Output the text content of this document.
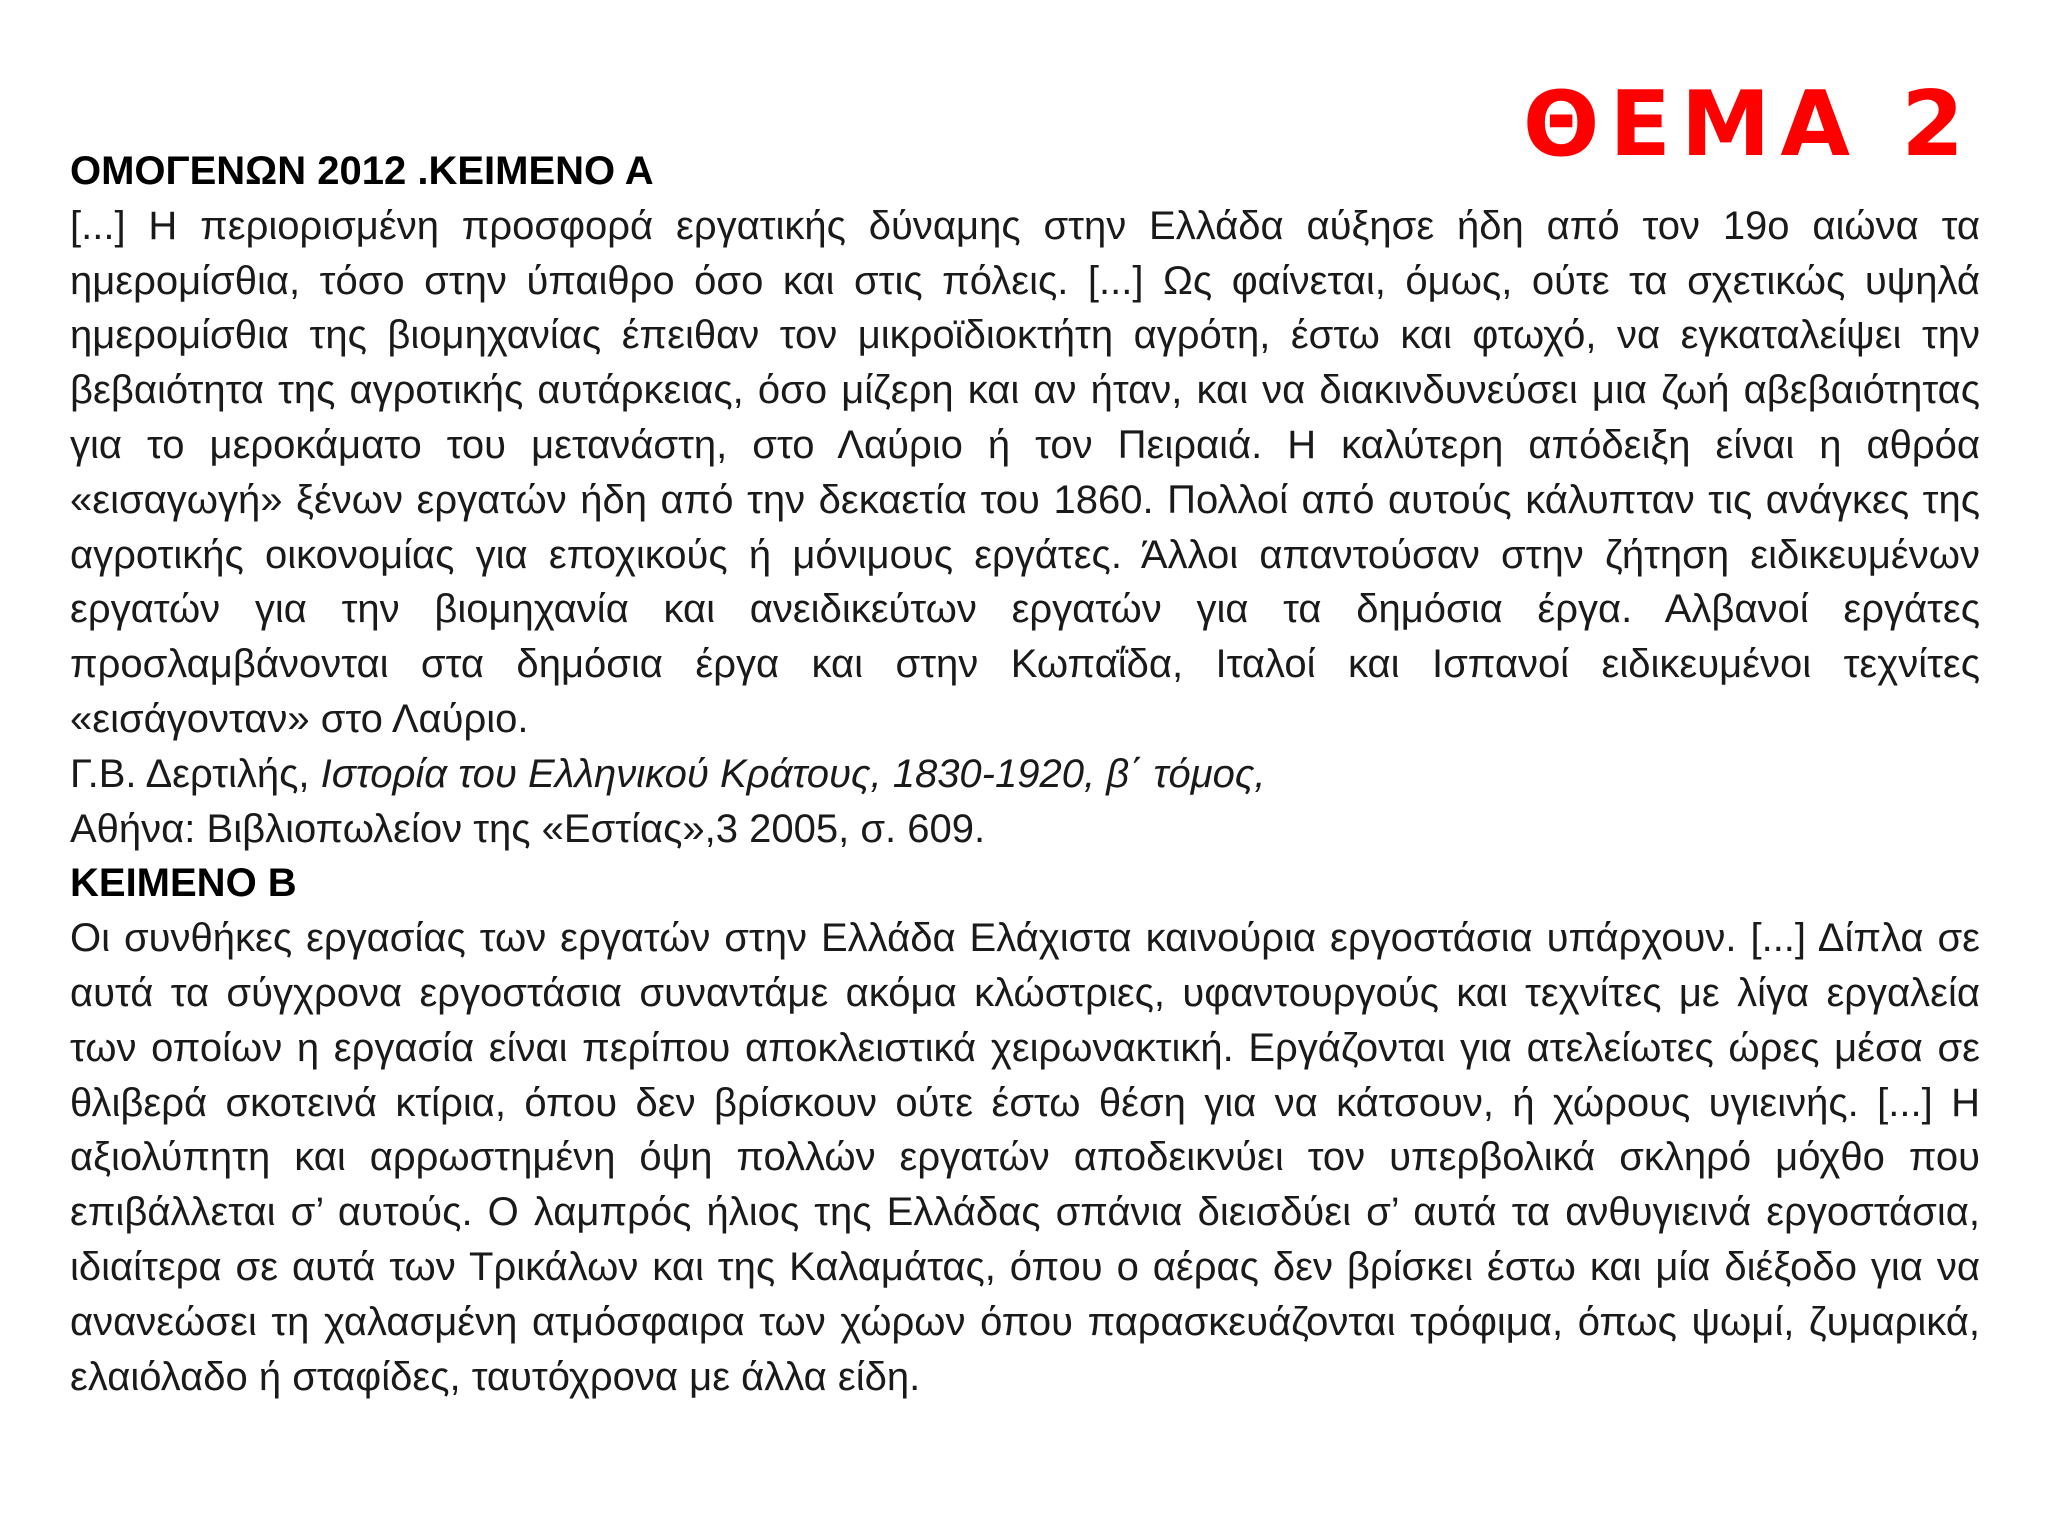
ΘΕΜΑ 2
ΟΜΟΓΕΝΩΝ 2012 .ΚΕΙΜΕΝΟ Α

[...] Η περιορισμένη προσφορά εργατικής δύναμης στην Ελλάδα αύξησε ήδη από τον 19ο αιώνα τα ημερομίσθια, τόσο στην ύπαιθρο όσο και στις πόλεις. [...] Ως φαίνεται, όμως, ούτε τα σχετικώς υψηλά ημερομίσθια της βιομηχανίας έπειθαν τον μικροϊδιοκτήτη αγρότη, έστω και φτωχό, να εγκαταλείψει την βεβαιότητα της αγροτικής αυτάρκειας, όσο μίζερη και αν ήταν, και να διακινδυνεύσει μια ζωή αβεβαιότητας για το μεροκάματο του μετανάστη, στο Λαύριο ή τον Πειραιά. Η καλύτερη απόδειξη είναι η αθρόα «εισαγωγή» ξένων εργατών ήδη από την δεκαετία του 1860. Πολλοί από αυτούς κάλυπταν τις ανάγκες της αγροτικής οικονομίας για εποχικούς ή μόνιμους εργάτες. Άλλοι απαντούσαν στην ζήτηση ειδικευμένων εργατών για την βιομηχανία και ανειδικεύτων εργατών για τα δημόσια έργα. Αλβανοί εργάτες προσλαμβάνονται στα δημόσια έργα και στην Κωπαΐδα, Ιταλοί και Ισπανοί ειδικευμένοι τεχνίτες «εισάγονταν» στο Λαύριο.

Γ.Β. Δερτιλής, Ιστορία του Ελληνικού Κράτους, 1830-1920, β΄ τόμος,

Αθήνα: Βιβλιοπωλείον της «Εστίας»,3 2005, σ. 609.

ΚΕΙΜΕΝΟ Β

Οι συνθήκες εργασίας των εργατών στην Ελλάδα Ελάχιστα καινούρια εργοστάσια υπάρχουν. [...] Δίπλα σε αυτά τα σύγχρονα εργοστάσια συναντάμε ακόμα κλώστριες, υφαντουργούς και τεχνίτες με λίγα εργαλεία των οποίων η εργασία είναι περίπου αποκλειστικά χειρωνακτική. Εργάζονται για ατελείωτες ώρες μέσα σε θλιβερά σκοτεινά κτίρια, όπου δεν βρίσκουν ούτε έστω θέση για να κάτσουν, ή χώρους υγιεινής. [...] Η αξιολύπητη και αρρωστημένη όψη πολλών εργατών αποδεικνύει τον υπερβολικά σκληρό μόχθο που επιβάλλεται σ’ αυτούς. Ο λαμπρός ήλιος της Ελλάδας σπάνια διεισδύει σ’ αυτά τα ανθυγιεινά εργοστάσια, ιδιαίτερα σε αυτά των Τρικάλων και της Καλαμάτας, όπου ο αέρας δεν βρίσκει έστω και μία διέξοδο για να ανανεώσει τη χαλασμένη ατμόσφαιρα των χώρων όπου παρασκευάζονται τρόφιμα, όπως ψωμί, ζυμαρικά, ελαιόλαδο ή σταφίδες, ταυτόχρονα με άλλα είδη.
